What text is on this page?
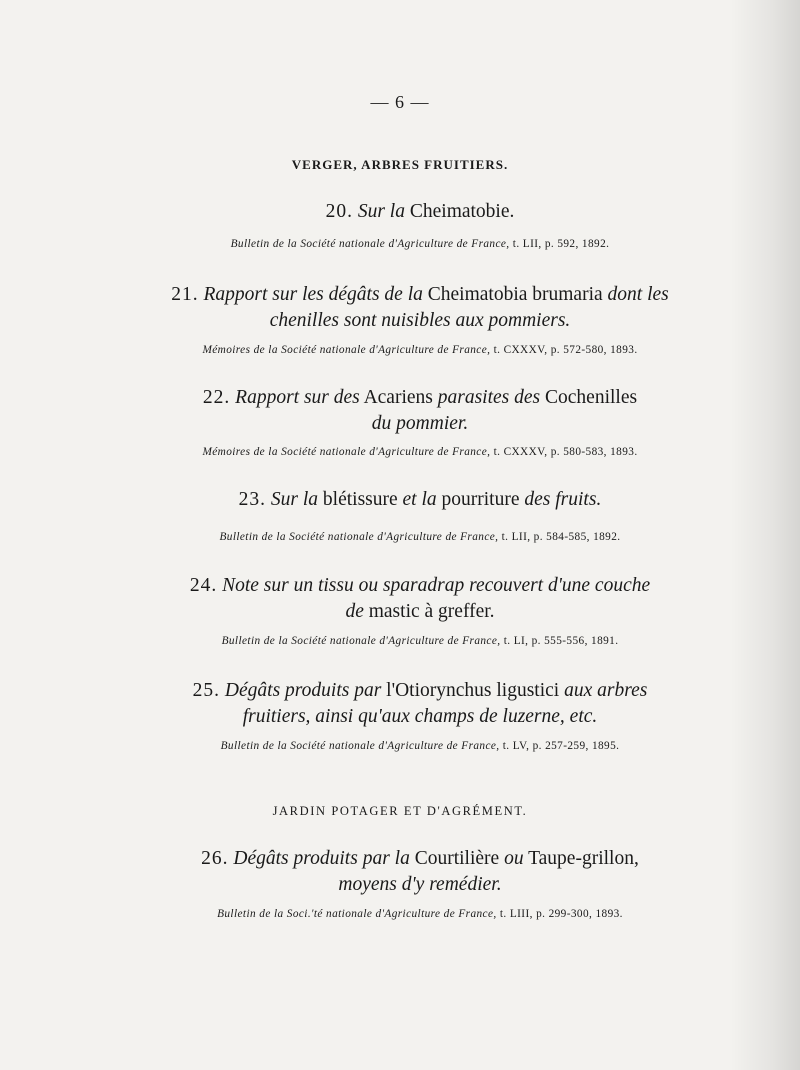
— 6 —
VERGER, ARBRES FRUITIERS.
20. Sur la Cheimatobie.
Bulletin de la Société nationale d'Agriculture de France, t. LII, p. 592, 1892.
21. Rapport sur les dégâts de la Cheimatobia brumaria dont les
chenilles sont nuisibles aux pommiers.
Mémoires de la Société nationale d'Agriculture de France, t. CXXXV, p. 572-580, 1893.
22. Rapport sur des Acariens parasites des Cochenilles
du pommier.
Mémoires de la Société nationale d'Agriculture de France, t. CXXXV, p. 580-583, 1893.
23. Sur la blétissure et la pourriture des fruits.
Bulletin de la Société nationale d'Agriculture de France, t. LII, p. 584-585, 1892.
24. Note sur un tissu ou sparadrap recouvert d'une couche
de mastic à greffer.
Bulletin de la Société nationale d'Agriculture de France, t. LI, p. 555-556, 1891.
25. Dégâts produits par l'Otiorynchus ligustici aux arbres
fruitiers, ainsi qu'aux champs de luzerne, etc.
Bulletin de la Société nationale d'Agriculture de France, t. LV, p. 257-259, 1895.
JARDIN POTAGER ET D'AGRÉMENT.
26. Dégâts produits par la Courtilière ou Taupe-grillon,
moyens d'y remédier.
Bulletin de la Soci.'té nationale d'Agriculture de France, t. LIII, p. 299-300, 1893.
